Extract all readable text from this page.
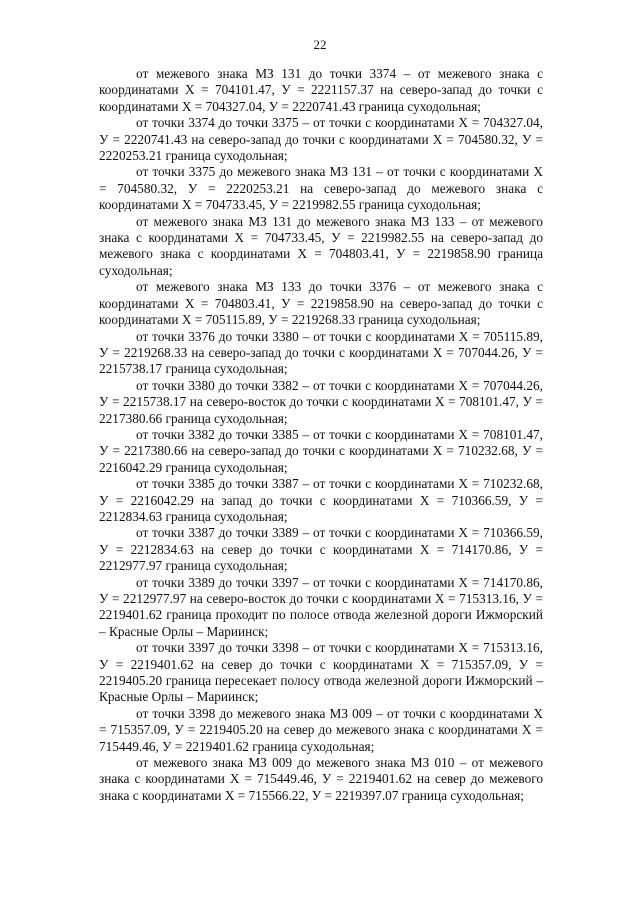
22

от межевого знака МЗ 131 до точки 3374 – от межевого знака с координатами Х = 704101.47, У = 2221157.37 на северо-запад до точки с координатами Х = 704327.04, У = 2220741.43 граница суходольная;

от точки 3374 до точки 3375 – от точки с координатами Х = 704327.04, У = 2220741.43 на северо-запад до точки с координатами Х = 704580.32, У = 2220253.21 граница суходольная;

от точки 3375 до межевого знака МЗ 131 – от точки с координатами Х = 704580.32, У = 2220253.21 на северо-запад до межевого знака с координатами Х = 704733.45, У = 2219982.55 граница суходольная;

от межевого знака МЗ 131 до межевого знака МЗ 133 – от межевого знака с координатами Х = 704733.45, У = 2219982.55 на северо-запад до межевого знака с координатами Х = 704803.41, У = 2219858.90 граница суходольная;

от межевого знака МЗ 133 до точки 3376 – от межевого знака с координатами Х = 704803.41, У = 2219858.90 на северо-запад до точки с координатами Х = 705115.89, У = 2219268.33 граница суходольная;

от точки 3376 до точки 3380 – от точки с координатами Х = 705115.89, У = 2219268.33 на северо-запад до точки с координатами Х = 707044.26, У = 2215738.17 граница суходольная;

от точки 3380 до точки 3382 – от точки с координатами Х = 707044.26, У = 2215738.17 на северо-восток до точки с координатами Х = 708101.47, У = 2217380.66 граница суходольная;

от точки 3382 до точки 3385 – от точки с координатами Х = 708101.47, У = 2217380.66 на северо-запад до точки с координатами Х = 710232.68, У = 2216042.29 граница суходольная;

от точки 3385 до точки 3387 – от точки с координатами Х = 710232.68, У = 2216042.29 на запад до точки с координатами Х = 710366.59, У = 2212834.63 граница суходольная;

от точки 3387 до точки 3389 – от точки с координатами Х = 710366.59, У = 2212834.63 на север до точки с координатами Х = 714170.86, У = 2212977.97 граница суходольная;

от точки 3389 до точки 3397 – от точки с координатами Х = 714170.86, У = 2212977.97 на северо-восток до точки с координатами Х = 715313.16, У = 2219401.62 граница проходит по полосе отвода железной дороги Ижморский – Красные Орлы – Мариинск;

от точки 3397 до точки 3398 – от точки с координатами Х = 715313.16, У = 2219401.62 на север до точки с координатами Х = 715357.09, У = 2219405.20 граница пересекает полосу отвода железной дороги Ижморский – Красные Орлы – Мариинск;

от точки 3398 до межевого знака МЗ 009 – от точки с координатами Х = 715357.09, У = 2219405.20 на север до межевого знака с координатами Х = 715449.46, У = 2219401.62 граница суходольная;

от межевого знака МЗ 009 до межевого знака МЗ 010 – от межевого знака с координатами Х = 715449.46, У = 2219401.62 на север до межевого знака с координатами Х = 715566.22, У = 2219397.07 граница суходольная;
